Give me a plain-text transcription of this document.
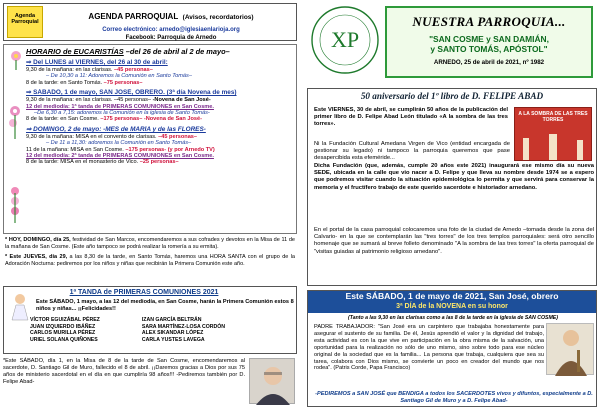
Agenda
Parroquial
AGENDA PARROQUIAL (Avisos, recordatorios)
Correo electrónico: arnedo@iglesiaenlarioja.org
Facebook: Parroquia de Arnedo
HORARIO de EUCARISTÍAS –del 26 de abril al 2 de mayo–
⇒ Del LUNES al VIERNES, del 26 al 30 de abril:
9,30 de la mañana: en las clarisas. –45 personas–
– De 10,30 a 11: Adoremos la Comunión en Santo Tomás–
8 de la tarde: en Santo Tomás. –75 personas–
⇒ SÁBADO, 1 de mayo, SAN JOSÉ, OBRERO. (3ª día Novena de mes)
9,30 de la mañana: en las clarisas. –45 personas– -Novena de San José-
12 del mediodía: 1ª tanda de PRIMERAS COMUNIONES en San Cosme.
–De 6,30 a 7,15: adoremos la Comunión en la iglesia de Santo Tomás-
8 de la tarde: en San Cosme. –175 personas– -Novena de San José-
⇒ DOMINGO, 2 de mayo: -MES de MARÍA y de las FLORES-
9,30 de la mañana: MISA en el convento de clarisas. –45 personas–
– De 11 a 11,30: adoremos la Comunión en Santo Tomás–
11 de la mañana: MISA en San Cosme. –175 personas- (y por Arnedo TV)
12 del mediodía: 2ª tanda de PRIMERAS COMUNIONES en San Cosme.
8 de la tarde: MISA en el monasterio de Vico. –25 personas–
* HOY, DOMINGO, día 25, festividad de San Marcos, encomendaremos a sus cofrades y devotos en la Misa de 11 de la mañana de San Cosme. (Este año tampoco se podrá realizar la romería a su ermita).
* Este JUEVES, día 29, a las 8,30 de la tarde, en Santo Tomás, haremos una HORA SANTA con el grupo de la Adoración Nocturna: pediremos por los niños y niñas que recibirán la Primera Comunión este año.
1ª TANDA de PRIMERAS COMUNIONES 2021
Este SÁBADO, 1 mayo, a las 12 del mediodía, en San Cosme, harán la Primera Comunión estos 8 niños y niñas... ¡¡Felicidades!!
VÍCTOR EGUIZÁBAL PÉREZ		IZAN GARCÍA BELTRÁN
JUAN IZQUIERDO IBÁÑEZ		SARA MARTÍNEZ-LOSA CORDÓN
CARLOS MURILLA PÉREZ		ALEX SIKANDAR LÓPEZ
URIEL SOLANA QUIÑONES		CARLA YUSTES LAVEGA
*Este SÁBADO, día 1, en la Misa de 8 de la tarde de San Cosme, encomendaremos al sacerdote, D. Santiago Gil de Muro, fallecido el 8 de abril. ¡¡Daremos gracias a Dios por sus 75 años de ministerio sacerdotal en el día en que cumpliría 98 años!!! -Pediremos también por D. Felipe Abad-
XP
NUESTRA PARROQUIA...
"SAN COSME y SAN DAMIÁN,
y SANTO TOMÁS, APÓSTOL"
ARNEDO, 25 de abril de 2021, nº 1982
50 aniversario del 1º libro de D. FELIPE ABAD
Este VIERNES, 30 de abril, se cumplirán 50 años de la publicación del primer libro de D. Felipe Abad León titulado «A la sombra de las tres torres».
A LA SOMBRA DE LAS TRES TORRES
Ni la Fundación Cultural Amedana Virgen de Vico (entidad encargada de gestionar su legado) ni tampoco la parroquia queremos que pase desapercibida esta efeméride...
Dicha Fundación (que, además, cumple 20 años este 2021) inaugurará ese mismo día su nueva SEDE, ubicada en la calle que vio nacer a D. Felipe y que lleva su nombre desde 1974 se a espero que podremos visitar cuando la situación epidemiológica lo permita y que servirá para conservar la memoria y el fructífero trabajo de este querido sacerdote e historiador arnedano.
En el portal de la casa parroquial colocaremos una foto de la ciudad de Arnedo –tomada desde la zona del Calvario- en la que se contemplarán las "tres torres" de los tres templos parroquiales: será otro sencillo homenaje que se sumará al breve folleto denominado "A la sombra de las tres torres" la oferta parroquial de "visitas guiadas al patrimonio religioso arnedano".
Este SÁBADO, 1 de mayo de 2021, San José, obrero
3ª DÍA de la NOVENA en su honor
(Tanto a las 9,30 en las clarisas como a las 8 de la tarde en la iglesia de SAN COSME)
PADRE TRABAJADOR: "San José era un carpintero que trabajaba honestamente para asegurar el sustento de su familia. De él, Jesús aprendió el valor y la dignidad del trabajo, esta actividad es con la que vive en participación en la obra misma de la salvación, una oportunidad para la realización no sólo de uno mismo, sino sobre todo para ese núcleo original de la sociedad que es la familia... La persona que trabaja, cualquiera que sea su tarea, colabora con Dios mismo, se convierte un poco en creador del mundo que nos rodea". (Patris Corde, Papa Francisco)
-PEDIREMOS a SAN JOSÉ que BENDIGA a todos los SACERDOTES vivos y difuntos, especialmente a D. Santiago Gil de Muro y a D. Felipe Abad-
